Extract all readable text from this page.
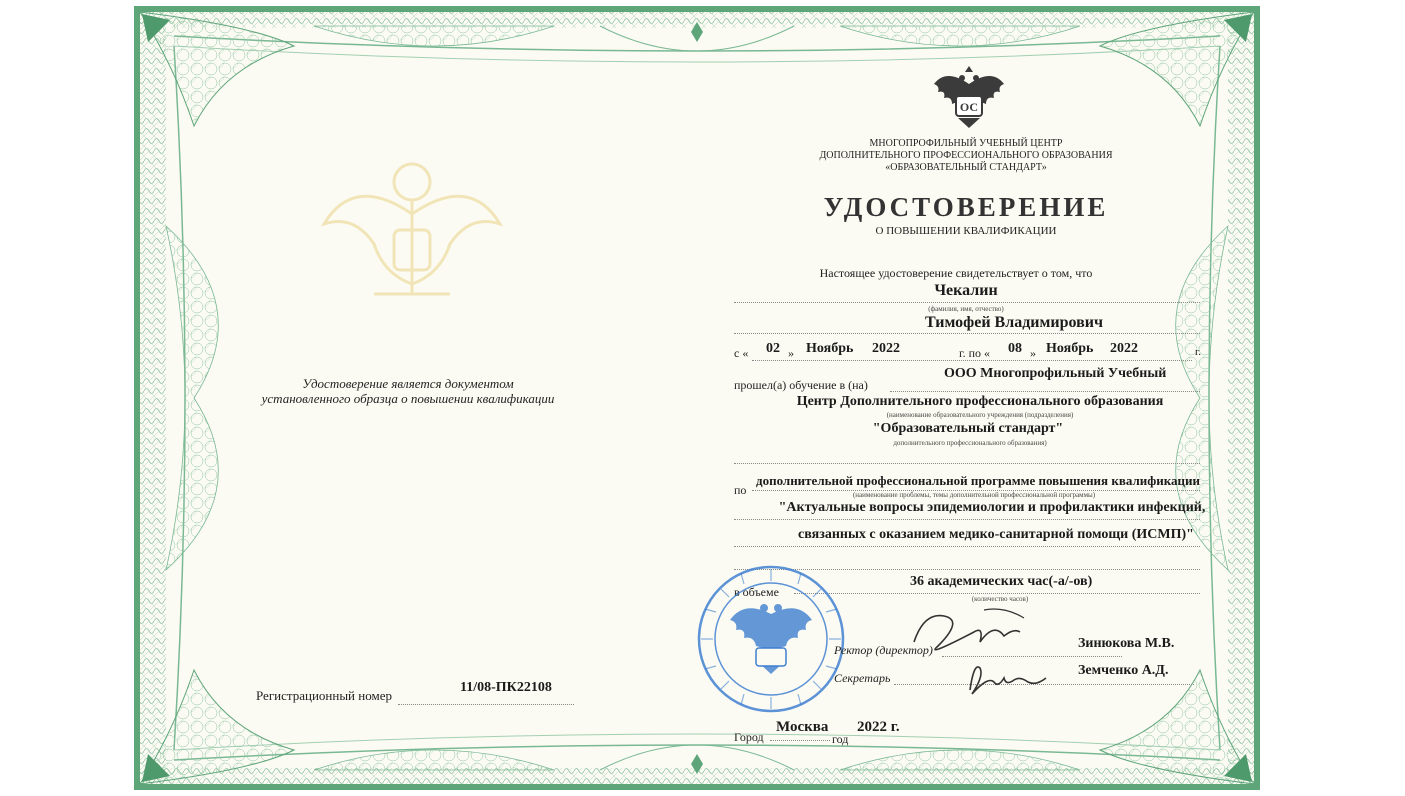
Удостоверение является документом
установленного образца о повышении квалификации
Регистрационный номер
11/08-ПК22108
ОС
МНОГОПРОФИЛЬНЫЙ УЧЕБНЫЙ ЦЕНТР
ДОПОЛНИТЕЛЬНОГО ПРОФЕССИОНАЛЬНОГО ОБРАЗОВАНИЯ
«ОБРАЗОВАТЕЛЬНЫЙ СТАНДАРТ»
УДОСТОВЕРЕНИЕ
О ПОВЫШЕНИИ КВАЛИФИКАЦИИ
Настоящее удостоверение свидетельствует о том, что
Чекалин
(фамилия, имя, отчество)
Тимофей Владимирович
с « 02 » Ноябрь 2022	г. по « 08 » Ноябрь 2022	г.
прошел(а) обучение в (на)
ООО Многопрофильный Учебный
Центр Дополнительного профессионального образования
(наименование образовательного учреждения (подразделения)
"Образовательный стандарт"
дополнительного профессионального образования)
по
дополнительной профессиональной программе повышения квалификации
(наименование проблемы, темы дополнительной профессиональной программы)
"Актуальные вопросы эпидемиологии и профилактики инфекций,
связанных с оказанием медико-санитарной помощи (ИСМП)"
в объеме
36 академических час(-а/-ов)
(количество часов)
Ректор (директор)	Зинюкова М.В.
Секретарь	Земченко А.Д.
Город
Москва
год
2022 г.
